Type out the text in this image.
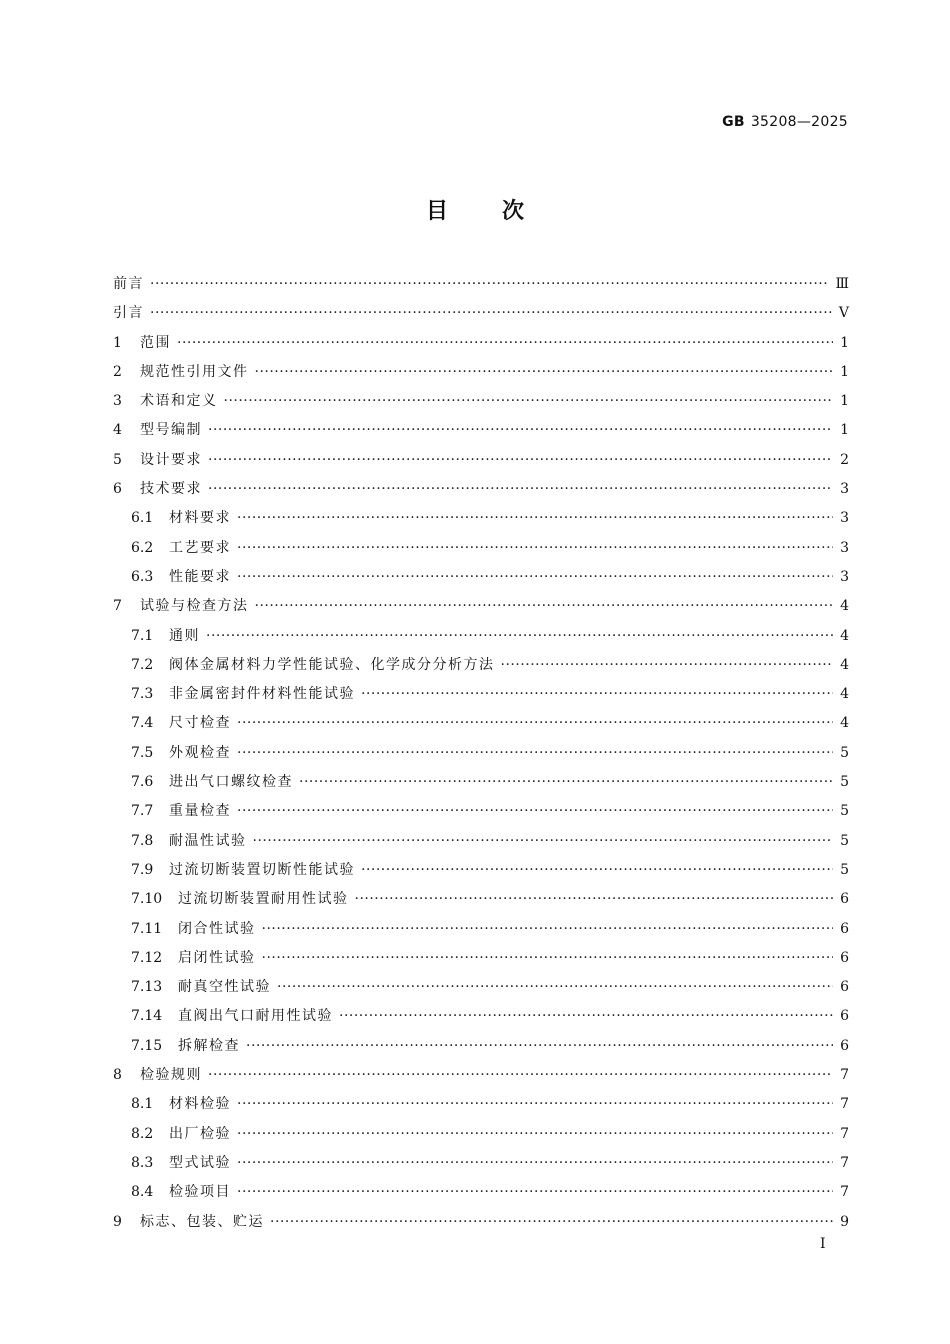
GB 35208—2025
目 次
前言 ·····	Ⅲ
引言 ·····	Ⅴ
1	范围 ·····	1
2	规范性引用文件 ·····	1
3	术语和定义 ·····	1
4	型号编制 ·····	1
5	设计要求 ·····	2
6	技术要求 ·····	3
6.1	材料要求 ·····	3
6.2	工艺要求 ·····	3
6.3	性能要求 ·····	3
7	试验与检查方法 ·····	4
7.1	通则 ·····	4
7.2	阀体金属材料力学性能试验、化学成分分析方法 ·····	4
7.3	非金属密封件材料性能试验 ·····	4
7.4	尺寸检查 ·····	4
7.5	外观检查 ·····	5
7.6	进出气口螺纹检查 ·····	5
7.7	重量检查 ·····	5
7.8	耐温性试验 ·····	5
7.9	过流切断装置切断性能试验 ·····	5
7.10	过流切断装置耐用性试验 ·····	6
7.11	闭合性试验 ·····	6
7.12	启闭性试验 ·····	6
7.13	耐真空性试验 ·····	6
7.14	直阀出气口耐用性试验 ·····	6
7.15	拆解检查 ·····	6
8	检验规则 ·····	7
8.1	材料检验 ·····	7
8.2	出厂检验 ·····	7
8.3	型式试验 ·····	7
8.4	检验项目 ·····	7
9	标志、包装、贮运 ·····	9
I
